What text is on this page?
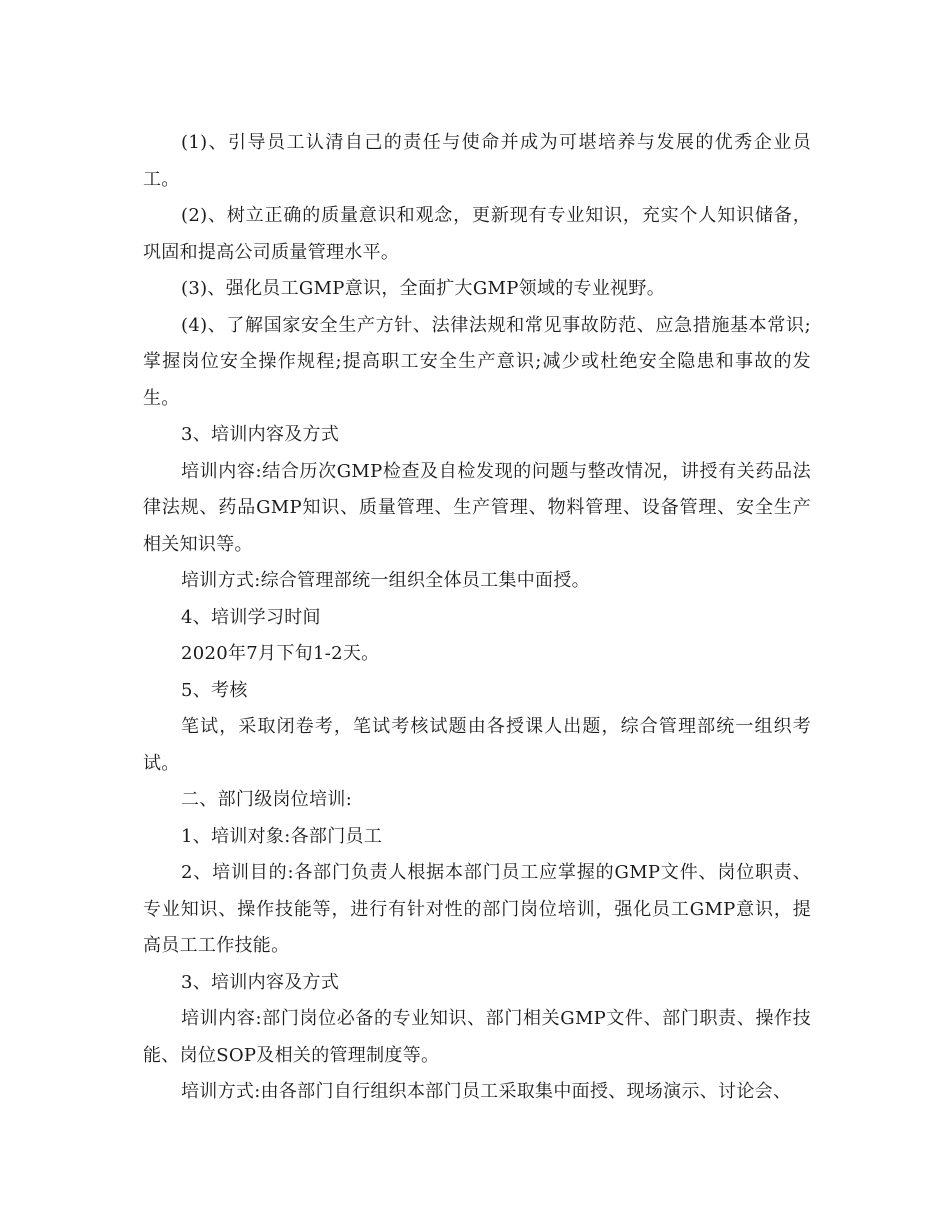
(1)、引导员工认清自己的责任与使命并成为可堪培养与发展的优秀企业员工。

(2)、树立正确的质量意识和观念，更新现有专业知识，充实个人知识储备，巩固和提高公司质量管理水平。

(3)、强化员工GMP意识，全面扩大GMP领域的专业视野。

(4)、了解国家安全生产方针、法律法规和常见事故防范、应急措施基本常识;掌握岗位安全操作规程;提高职工安全生产意识;减少或杜绝安全隐患和事故的发生。

3、培训内容及方式

培训内容:结合历次GMP检查及自检发现的问题与整改情况，讲授有关药品法律法规、药品GMP知识、质量管理、生产管理、物料管理、设备管理、安全生产相关知识等。

培训方式:综合管理部统一组织全体员工集中面授。

4、培训学习时间

2020年7月下旬1-2天。

5、考核

笔试，采取闭卷考，笔试考核试题由各授课人出题，综合管理部统一组织考试。

二、部门级岗位培训:

1、培训对象:各部门员工

2、培训目的:各部门负责人根据本部门员工应掌握的GMP文件、岗位职责、专业知识、操作技能等，进行有针对性的部门岗位培训，强化员工GMP意识，提高员工工作技能。

3、培训内容及方式

培训内容:部门岗位必备的专业知识、部门相关GMP文件、部门职责、操作技能、岗位SOP及相关的管理制度等。

培训方式:由各部门自行组织本部门员工采取集中面授、现场演示、讨论会、
